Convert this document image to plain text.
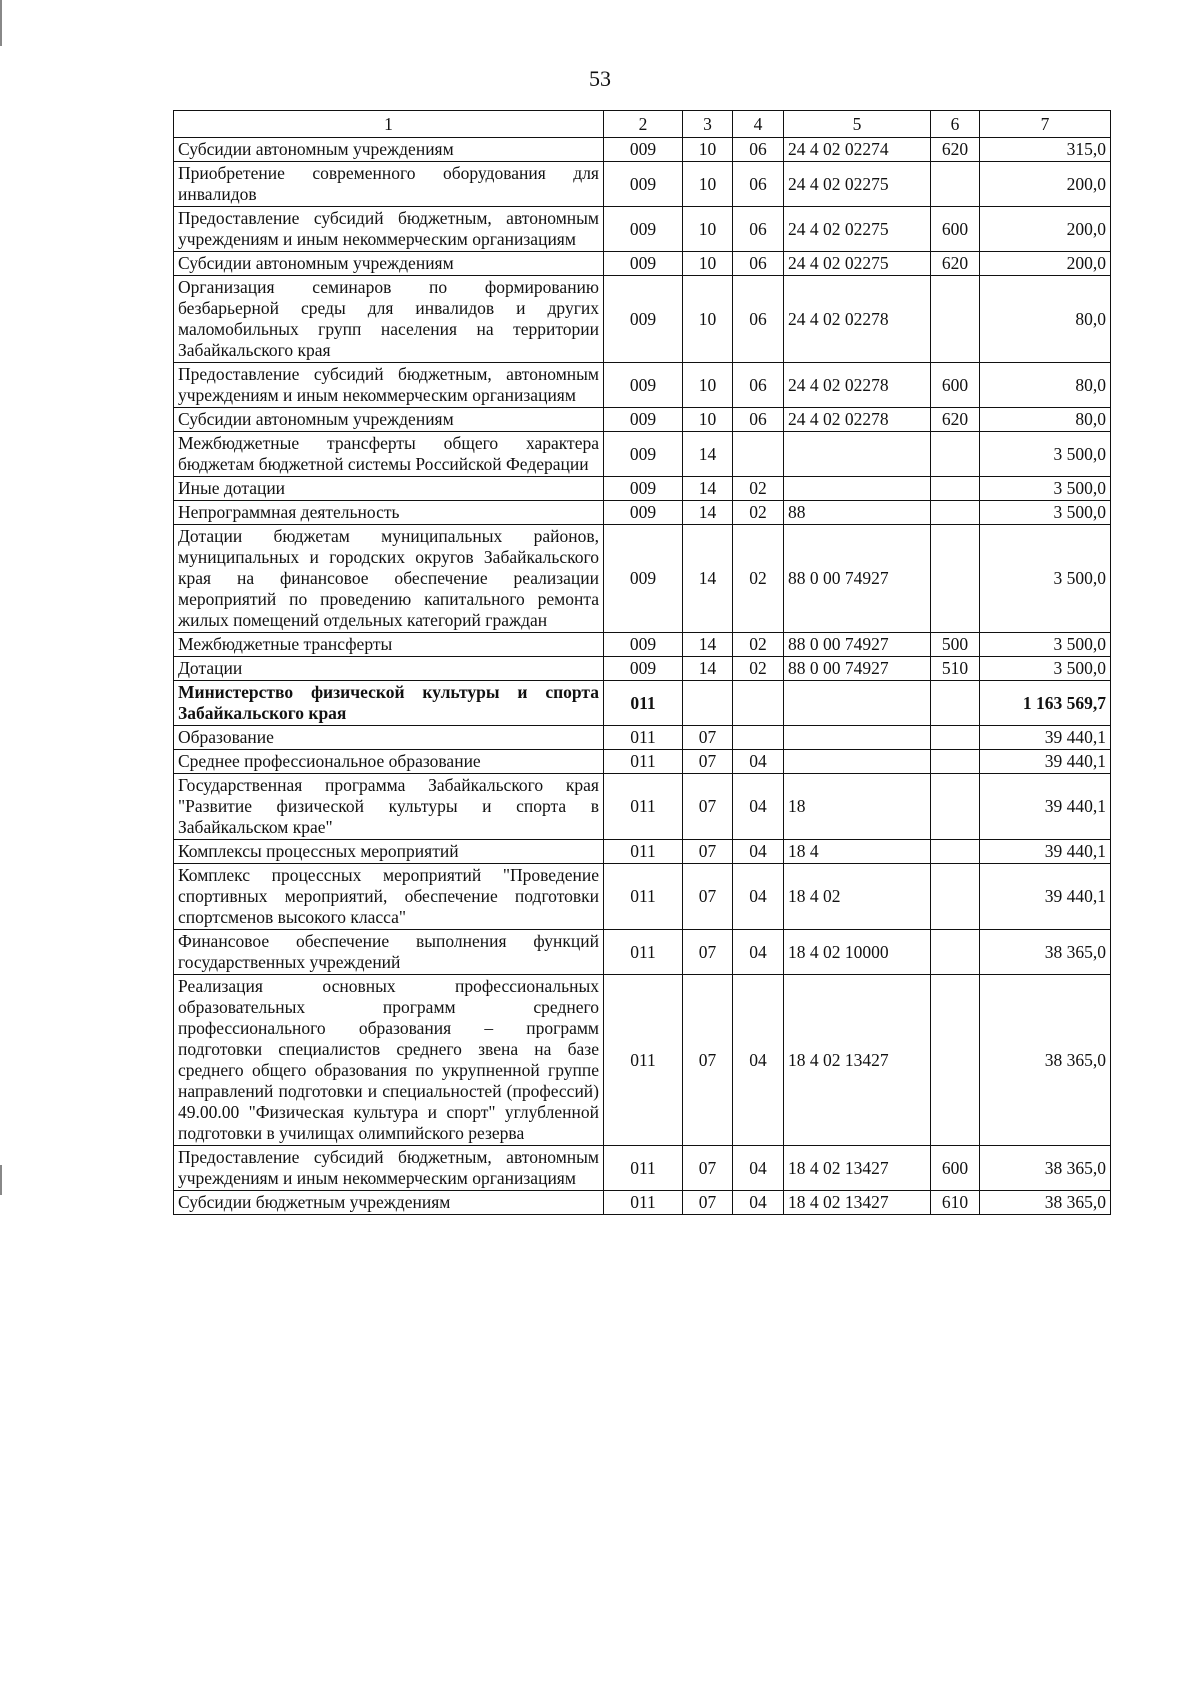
53
1	2	3	4	5	6	7
Субсидии автономным учреждениям	009	10	06	24 4 02 02274	620	315,0
Приобретение современного оборудования для инвалидов	009	10	06	24 4 02 02275		200,0
Предоставление субсидий бюджетным, автономным учреждениям и иным некоммерческим организациям	009	10	06	24 4 02 02275	600	200,0
Субсидии автономным учреждениям	009	10	06	24 4 02 02275	620	200,0
Организация семинаров по формированию безбарьерной среды для инвалидов и других маломобильных групп населения на территории Забайкальского края	009	10	06	24 4 02 02278		80,0
Предоставление субсидий бюджетным, автономным учреждениям и иным некоммерческим организациям	009	10	06	24 4 02 02278	600	80,0
Субсидии автономным учреждениям	009	10	06	24 4 02 02278	620	80,0
Межбюджетные трансферты общего характера бюджетам бюджетной системы Российской Федерации	009	14				3 500,0
Иные дотации	009	14	02			3 500,0
Непрограммная деятельность	009	14	02	88		3 500,0
Дотации бюджетам муниципальных районов, муниципальных и городских округов Забайкальского края на финансовое обеспечение реализации мероприятий по проведению капитального ремонта жилых помещений отдельных категорий граждан	009	14	02	88 0 00 74927		3 500,0
Межбюджетные трансферты	009	14	02	88 0 00 74927	500	3 500,0
Дотации	009	14	02	88 0 00 74927	510	3 500,0
Министерство физической культуры и спорта Забайкальского края	011					1 163 569,7
Образование	011	07				39 440,1
Среднее профессиональное образование	011	07	04			39 440,1
Государственная программа Забайкальского края "Развитие физической культуры и спорта в Забайкальском крае"	011	07	04	18		39 440,1
Комплексы процессных мероприятий	011	07	04	18 4		39 440,1
Комплекс процессных мероприятий "Проведение спортивных мероприятий, обеспечение подготовки спортсменов высокого класса"	011	07	04	18 4 02		39 440,1
Финансовое обеспечение выполнения функций государственных учреждений	011	07	04	18 4 02 10000		38 365,0
Реализация основных профессиональных образовательных программ среднего профессионального образования – программ подготовки специалистов среднего звена на базе среднего общего образования по укрупненной группе направлений подготовки и специальностей (профессий) 49.00.00 "Физическая культура и спорт" углубленной подготовки в училищах олимпийского резерва	011	07	04	18 4 02 13427		38 365,0
Предоставление субсидий бюджетным, автономным учреждениям и иным некоммерческим организациям	011	07	04	18 4 02 13427	600	38 365,0
Субсидии бюджетным учреждениям	011	07	04	18 4 02 13427	610	38 365,0
